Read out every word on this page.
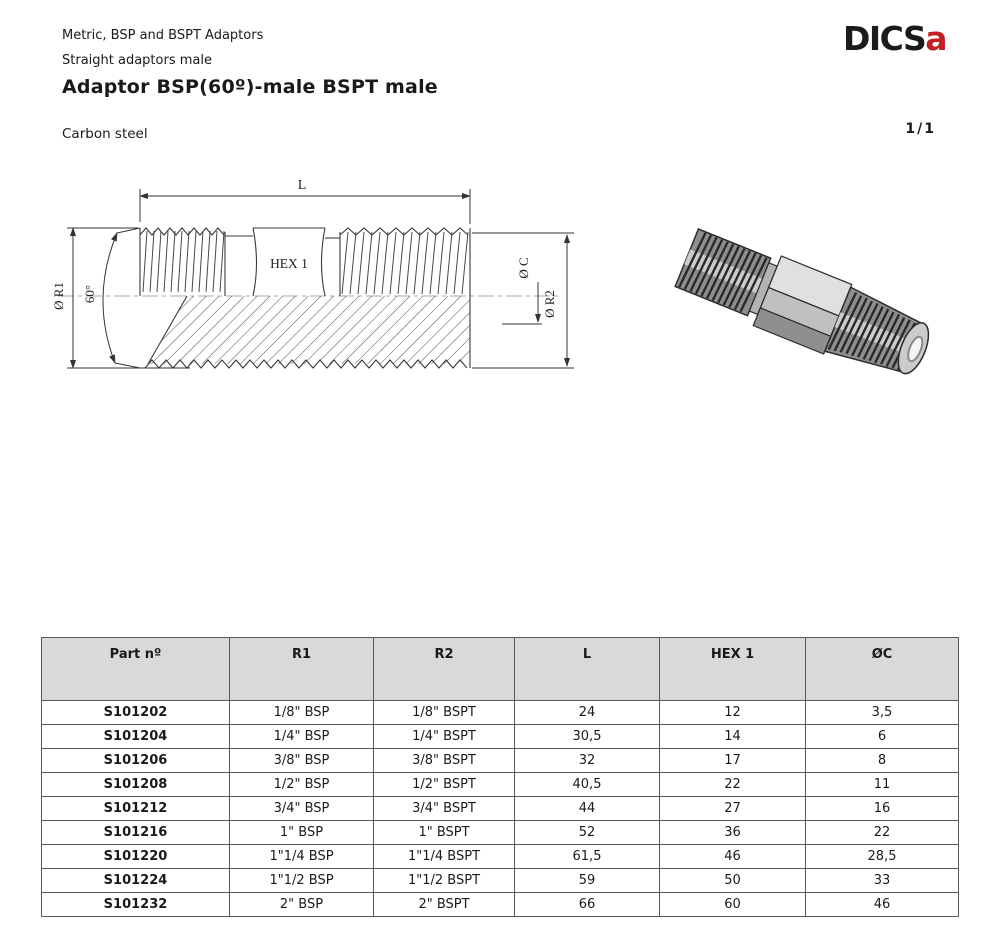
Metric, BSP and BSPT Adaptors
Straight adaptors male
Adaptor BSP(60º)-male BSPT male
Carbon steel	1/1
DICSa
L
Ø R1 60°	Ø R2
Ø C
HEX 1
Part nº	R1	R2	L	HEX 1	ØC
S101202	1/8" BSP	1/8" BSPT	24	12	3,5
S101204	1/4" BSP	1/4" BSPT	30,5	14	6
S101206	3/8" BSP	3/8" BSPT	32	17	8
S101208	1/2" BSP	1/2" BSPT	40,5	22	11
S101212	3/4" BSP	3/4" BSPT	44	27	16
S101216	1" BSP	1" BSPT	52	36	22
S101220	1"1/4 BSP	1"1/4 BSPT	61,5	46	28,5
S101224	1"1/2 BSP	1"1/2 BSPT	59	50	33
S101232	2" BSP	2" BSPT	66	60	46
